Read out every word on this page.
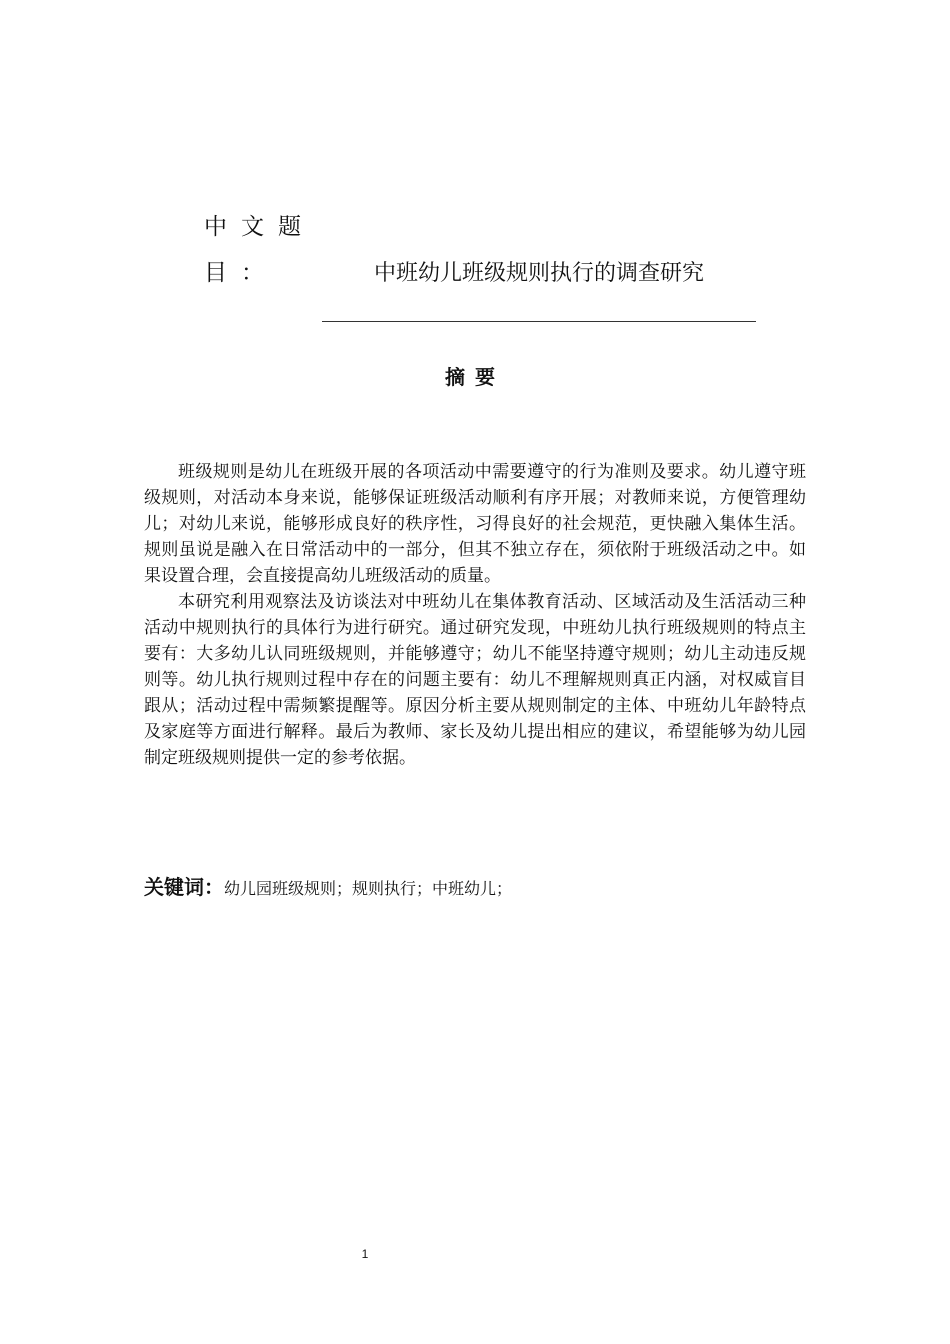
中文题目：	中班幼儿班级规则执行的调查研究
摘要

班级规则是幼儿在班级开展的各项活动中需要遵守的行为准则及要求。幼儿遵守班级规则，对活动本身来说，能够保证班级活动顺利有序开展；对教师来说，方便管理幼儿；对幼儿来说，能够形成良好的秩序性，习得良好的社会规范，更快融入集体生活。规则虽说是融入在日常活动中的一部分，但其不独立存在，须依附于班级活动之中。如果设置合理，会直接提高幼儿班级活动的质量。

本研究利用观察法及访谈法对中班幼儿在集体教育活动、区域活动及生活活动三种活动中规则执行的具体行为进行研究。通过研究发现，中班幼儿执行班级规则的特点主要有：大多幼儿认同班级规则，并能够遵守；幼儿不能坚持遵守规则；幼儿主动违反规则等。幼儿执行规则过程中存在的问题主要有：幼儿不理解规则真正内涵，对权威盲目跟从；活动过程中需频繁提醒等。原因分析主要从规则制定的主体、中班幼儿年龄特点及家庭等方面进行解释。最后为教师、家长及幼儿提出相应的建议，希望能够为幼儿园制定班级规则提供一定的参考依据。

关键词：幼儿园班级规则；规则执行；中班幼儿；
1
